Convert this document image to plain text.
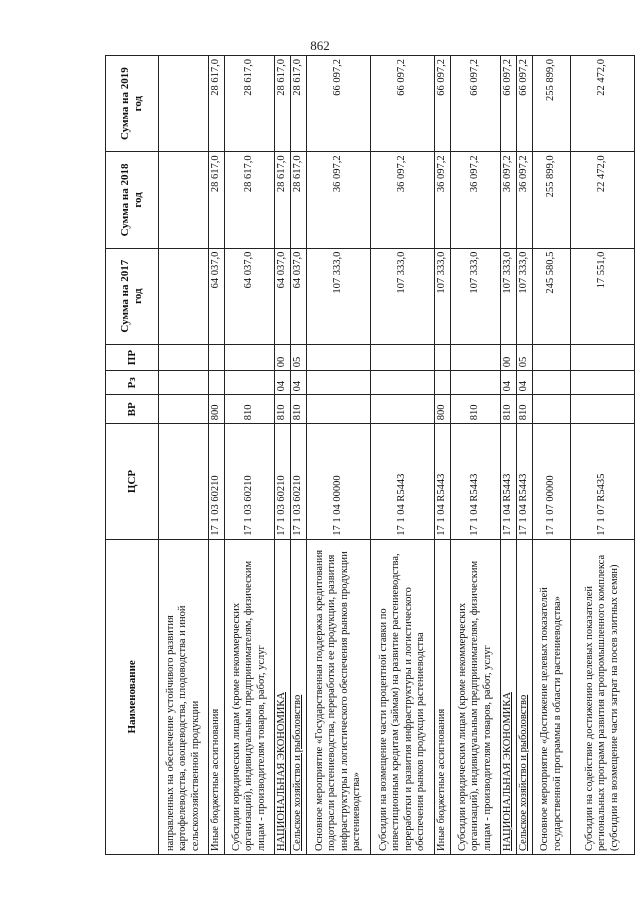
862
Наименование	ЦСР	ВР	Рз	ПР	Сумма на 2017 год	Сумма на 2018 год	Сумма на 2019 год
направленных на обеспечение устойчивого развития картофелеводства, овощеводства, плодоводства и иной сельскохозяйственной продукции							
Иные бюджетные ассигнования	17 1 03 60210	800			64 037,0	28 617,0	28 617,0
Субсидии юридическим лицам (кроме некоммерческих организаций), индивидуальным предпринимателям, физическим лицам - производителям товаров, работ, услуг	17 1 03 60210	810			64 037,0	28 617,0	28 617,0
НАЦИОНАЛЬНАЯ ЭКОНОМИКА	17 1 03 60210	810	04	00	64 037,0	28 617,0	28 617,0
Сельское хозяйство и рыболовство	17 1 03 60210	810	04	05	64 037,0	28 617,0	28 617,0
Основное мероприятие «Государственная поддержка кредитования подотрасли растениеводства, переработки ее продукции, развития инфраструктуры и логистического обеспечения рынков продукции растениеводства»	17 1 04 00000				107 333,0	36 097,2	66 097,2
Субсидии на возмещение части процентной ставки по инвестиционным кредитам (займам) на развитие растениеводства, переработки и развития инфраструктуры и логистического обеспечения рынков продукции растениеводства	17 1 04 R5443				107 333,0	36 097,2	66 097,2
Иные бюджетные ассигнования	17 1 04 R5443	800			107 333,0	36 097,2	66 097,2
Субсидии юридическим лицам (кроме некоммерческих организаций), индивидуальным предпринимателям, физическим лицам - производителям товаров, работ, услуг	17 1 04 R5443	810			107 333,0	36 097,2	66 097,2
НАЦИОНАЛЬНАЯ ЭКОНОМИКА	17 1 04 R5443	810	04	00	107 333,0	36 097,2	66 097,2
Сельское хозяйство и рыболовство	17 1 04 R5443	810	04	05	107 333,0	36 097,2	66 097,2
Основное мероприятие «Достижение целевых показателей государственной программы в области растениеводства»	17 1 07 00000				245 580,5	255 899,0	255 899,0
Субсидии на содействие достижению целевых показателей региональных программ развития агропромышленного комплекса (субсидии на возмещение части затрат на посев элитных семян)	17 1 07 R5435				17 551,0	22 472,0	22 472,0
